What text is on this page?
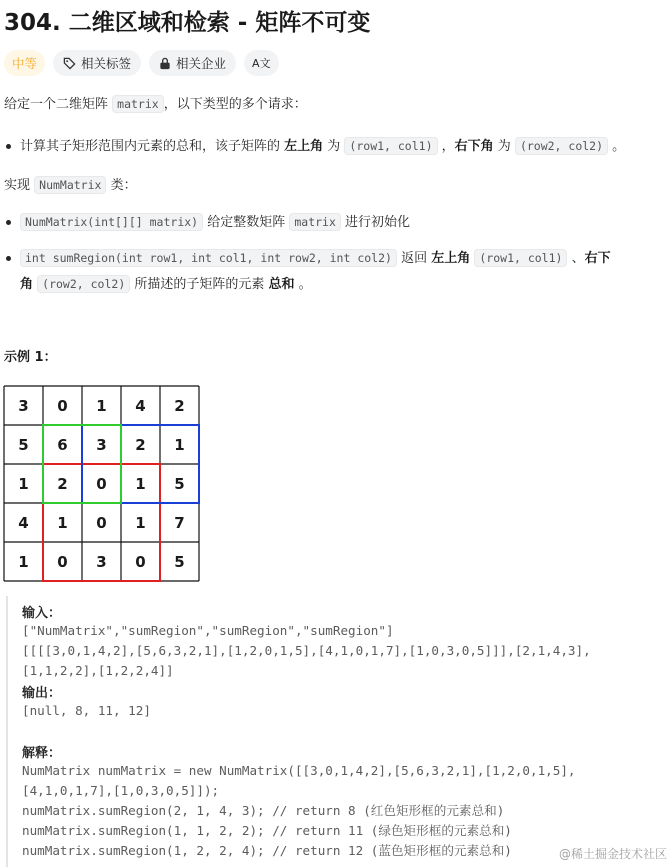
304. 二维区域和检索 - 矩阵不可变
中等	相关标签	相关企业 A文
给定一个二维矩阵 matrix ，以下类型的多个请求：
计算其子矩形范围内元素的总和，该子矩阵的 左上角 为 (row1, col1) ，右下角 为 (row2, col2) 。
实现 NumMatrix 类：
NumMatrix(int[][] matrix) 给定整数矩阵 matrix 进行初始化
int sumRegion(int row1, int col1, int row2, int col2) 返回 左上角 (row1, col1) 、右下
角 (row2, col2) 所描述的子矩阵的元素 总和 。
示例 1：
3	0	1	4	2
5	6	3	2	1
1	2	0	1	5
4	1	0	1	7
1	0	3	0	5
输入：
["NumMatrix","sumRegion","sumRegion","sumRegion"]
[[[[3,0,1,4,2],[5,6,3,2,1],[1,2,0,1,5],[4,1,0,1,7],[1,0,3,0,5]]],[2,1,4,3],
[1,1,2,2],[1,2,2,4]]
输出：
[null, 8, 11, 12]
解释：
NumMatrix numMatrix = new NumMatrix([[3,0,1,4,2],[5,6,3,2,1],[1,2,0,1,5],
[4,1,0,1,7],[1,0,3,0,5]]);
numMatrix.sumRegion(2, 1, 4, 3); // return 8 (红色矩形框的元素总和)
numMatrix.sumRegion(1, 1, 2, 2); // return 11 (绿色矩形框的元素总和)
numMatrix.sumRegion(1, 2, 2, 4); // return 12 (蓝色矩形框的元素总和)	@稀土掘金技术社区
